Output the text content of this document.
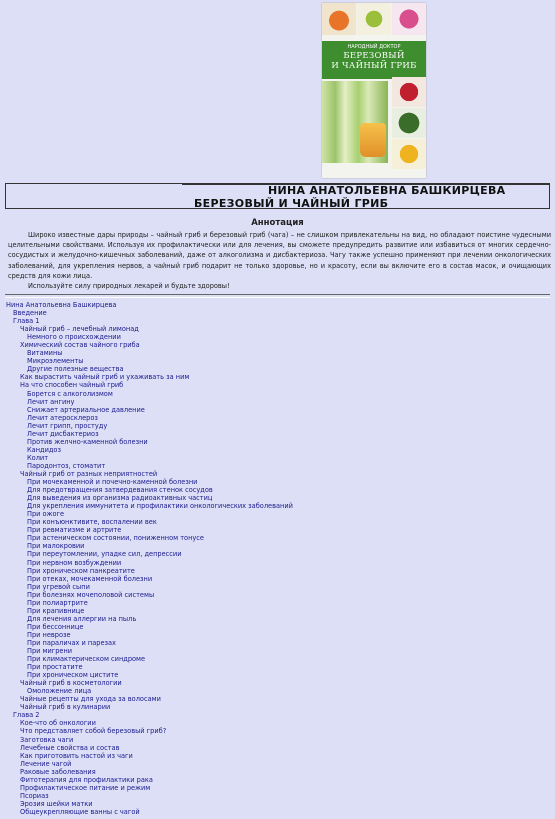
НАРОДНЫЙ ДОКТОР
БЕРЕЗОВЫЙ
И ЧАЙНЫЙ ГРИБ
НИНА АНАТОЛЬЕВНА БАШКИРЦЕВА
БЕРЕЗОВЫЙ И ЧАЙНЫЙ ГРИБ
Аннотация

Широко известные дары природы – чайный гриб и березовый гриб (чага) – не слишком привлекательны на вид, но обладают поистине чудесными целительными свойствами. Используя их профилактически или для лечения, вы сможете предупредить развитие или избавиться от многих сердечно-сосудистых и желудочно-кишечных заболеваний, даже от алкоголизма и дисбактериоза. Чагу также успешно применяют при лечении онкологических заболеваний, для укрепления нервов, а чайный гриб подарит не только здоровье, но и красоту, если вы включите его в состав масок, и очищающих средств для кожи лица.

Используйте силу природных лекарей и будьте здоровы!

Нина Анатольевна Башкирцева
Введение
Глава 1
Чайный гриб – лечебный лимонад
Немного о происхождении
Химический состав чайного гриба
Витамины
Микроэлементы
Другие полезные вещества
Как вырастить чайный гриб и ухаживать за ним
На что способен чайный гриб
Борется с алкоголизмом
Лечит ангину
Снижает артериальное давление
Лечит атеросклероз
Лечит грипп, простуду
Лечит дисбактериоз
Против желчно-каменной болезни
Кандидоз
Колит
Пародонтоз, стоматит
Чайный гриб от разных неприятностей
При мочекаменной и почечно-каменной болезни
Для предотвращения затвердевания стенок сосудов
Для выведения из организма радиоактивных частиц
Для укрепления иммунитета и профилактики онкологических заболеваний
При ожоге
При конъюнктивите, воспалении век
При ревматизме и артрите
При астеническом состоянии, пониженном тонусе
При малокровии
При переутомлении, упадке сил, депрессии
При нервном возбуждении
При хроническом панкреатите
При отеках, мочекаменной болезни
При угревой сыпи
При болезнях мочеполовой системы
При полиартрите
При крапивнице
Для лечения аллергии на пыль
При бессоннице
При неврозе
При параличах и парезах
При мигрени
При климактерическом синдроме
При простатите
При хроническом цистите
Чайный гриб в косметологии
Омоложение лица
Чайные рецепты для ухода за волосами
Чайный гриб в кулинарии
Глава 2
Кое-что об онкологии
Что представляет собой березовый гриб?
Заготовка чаги
Лечебные свойства и состав
Как приготовить настой из чаги
Лечение чагой
Раковые заболевания
Фитотерапия для профилактики рака
Профилактическое питание и режим
Псориаз
Эрозия шейки матки
Общеукрепляющие ванны с чагой
